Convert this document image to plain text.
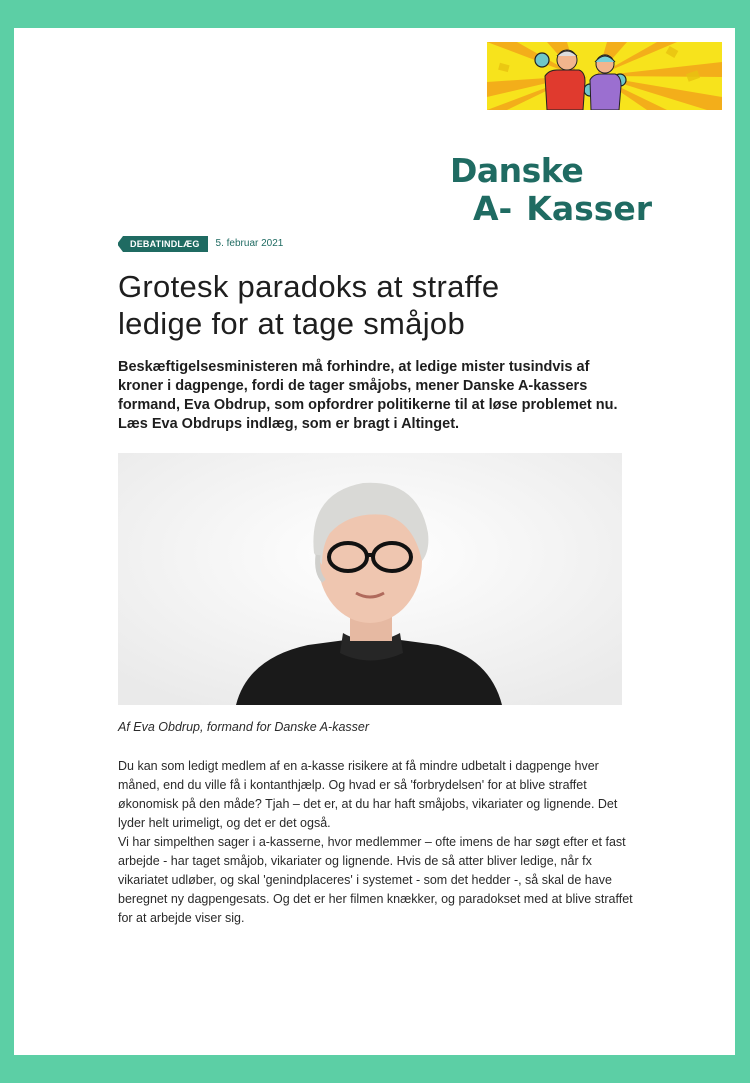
Danske
A- Kasser
DEBATINDLÆG 5. februar 2021
Grotesk paradoks at straffe
ledige for at tage småjob

Beskæftigelsesministeren må forhindre, at ledige mister tusindvis af kroner i dagpenge, fordi de tager småjobs, mener Danske A-kassers formand, Eva Obdrup, som opfordrer politikerne til at løse problemet nu. Læs Eva Obdrups indlæg, som er bragt i Altinget.

Af Eva Obdrup, formand for Danske A-kasser

Du kan som ledigt medlem af en a-kasse risikere at få mindre udbetalt i dagpenge hver måned, end du ville få i kontanthjælp. Og hvad er så 'forbrydelsen' for at blive straffet økonomisk på den måde? Tjah – det er, at du har haft småjobs, vikariater og lignende. Det lyder helt urimeligt, og det er det også.

Vi har simpelthen sager i a-kasserne, hvor medlemmer – ofte imens de har søgt efter et fast arbejde - har taget småjob, vikariater og lignende. Hvis de så atter bliver ledige, når fx vikariatet udløber, og skal 'genindplaceres' i systemet - som det hedder -, så skal de have beregnet ny dagpengesats. Og det er her filmen knækker, og paradokset med at blive straffet for at arbejde viser sig.
